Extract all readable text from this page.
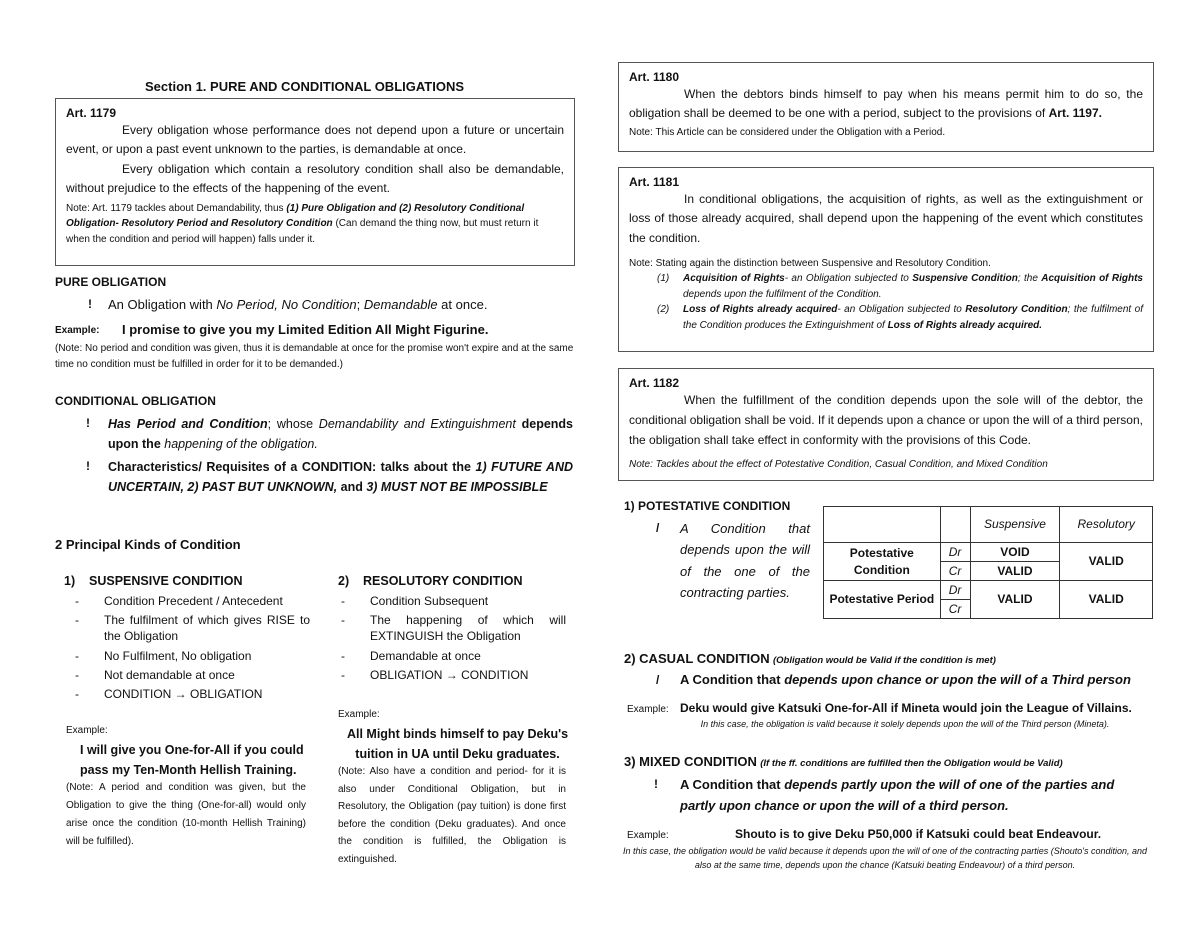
Section 1. PURE AND CONDITIONAL OBLIGATIONS
Art. 1179
Every obligation whose performance does not depend upon a future or uncertain event, or upon a past event unknown to the parties, is demandable at once.
Every obligation which contain a resolutory condition shall also be demandable, without prejudice to the effects of the happening of the event.
Note: Art. 1179 tackles about Demandability, thus (1) Pure Obligation and (2) Resolutory Conditional Obligation- Resolutory Period and Resolutory Condition (Can demand the thing now, but must return it when the condition and period will happen) falls under it.
PURE OBLIGATION
! An Obligation with No Period, No Condition; Demandable at once.
Example: I promise to give you my Limited Edition All Might Figurine.
(Note: No period and condition was given, thus it is demandable at once for the promise won't expire and at the same time no condition must be fulfilled in order for it to be demanded.)
CONDITIONAL OBLIGATION
! Has Period and Condition; whose Demandability and Extinguishment depends upon the happening of the obligation.
! Characteristics/ Requisites of a CONDITION: talks about the 1) FUTURE AND UNCERTAIN, 2) PAST BUT UNKNOWN, and 3) MUST NOT BE IMPOSSIBLE
2 Principal Kinds of Condition
1)    SUSPENSIVE CONDITION
-	Condition Precedent / Antecedent
-	The fulfilment of which gives RISE to the Obligation
-	No Fulfilment, No obligation
-	Not demandable at once
-	CONDITION → OBLIGATION
Example:
I will give you One-for-All if you could pass my Ten-Month Hellish Training.
(Note: A period and condition was given, but the Obligation to give the thing (One-for-all) would only arise once the condition (10-month Hellish Training) will be fulfilled).
2)    RESOLUTORY CONDITION
-	Condition Subsequent
-	The happening of which will EXTINGUISH the Obligation
-	Demandable at once
-	OBLIGATION → CONDITION
Example:
All Might binds himself to pay Deku's tuition in UA until Deku graduates.
(Note: Also have a condition and period- for it is also under Conditional Obligation, but in Resolutory, the Obligation (pay tuition) is done first before the condition (Deku graduates). And once the condition is fulfilled, the Obligation is extinguished.
Art. 1180
When the debtors binds himself to pay when his means permit him to do so, the obligation shall be deemed to be one with a period, subject to the provisions of Art. 1197.
Note: This Article can be considered under the Obligation with a Period.
Art. 1181
In conditional obligations, the acquisition of rights, as well as the extinguishment or loss of those already acquired, shall depend upon the happening of the event which constitutes the condition.
Note: Stating again the distinction between Suspensive and Resolutory Condition.
(1)	Acquisition of Rights- an Obligation subjected to Suspensive Condition; the Acquisition of Rights depends upon the fulfilment of the Condition.
(2)	Loss of Rights already acquired- an Obligation subjected to Resolutory Condition; the fulfilment of the Condition produces the Extinguishment of Loss of Rights already acquired.
Art. 1182
When the fulfillment of the condition depends upon the sole will of the debtor, the conditional obligation shall be void. If it depends upon a chance or upon the will of a third person, the obligation shall take effect in conformity with the provisions of this Code.
Note: Tackles about the effect of Potestative Condition, Casual Condition, and Mixed Condition
1) POTESTATIVE CONDITION
/ A Condition that depends upon the will of the one of the contracting parties.
		Suspensive	Resolutory
Potestative Condition	Dr	VOID	VALID
	Cr	VALID	
Potestative Period	Dr	VALID	VALID
	Cr		
2) CASUAL CONDITION (Obligation would be Valid if the condition is met)
/ A Condition that depends upon chance or upon the will of a Third person
Example: Deku would give Katsuki One-for-All if Mineta would join the League of Villains.
In this case, the obligation is valid because it solely depends upon the will of the Third person (Mineta).
3) MIXED CONDITION (If the ff. conditions are fulfilled then the Obligation would be Valid)
! A Condition that depends partly upon the will of one of the parties and partly upon chance or upon the will of a third person.
Example:	Shouto is to give Deku P50,000 if Katsuki could beat Endeavour.
In this case, the obligation would be valid because it depends upon the will of one of the contracting parties (Shouto's condition, and also at the same time, depends upon the chance (Katsuki beating Endeavour) of a third person.
